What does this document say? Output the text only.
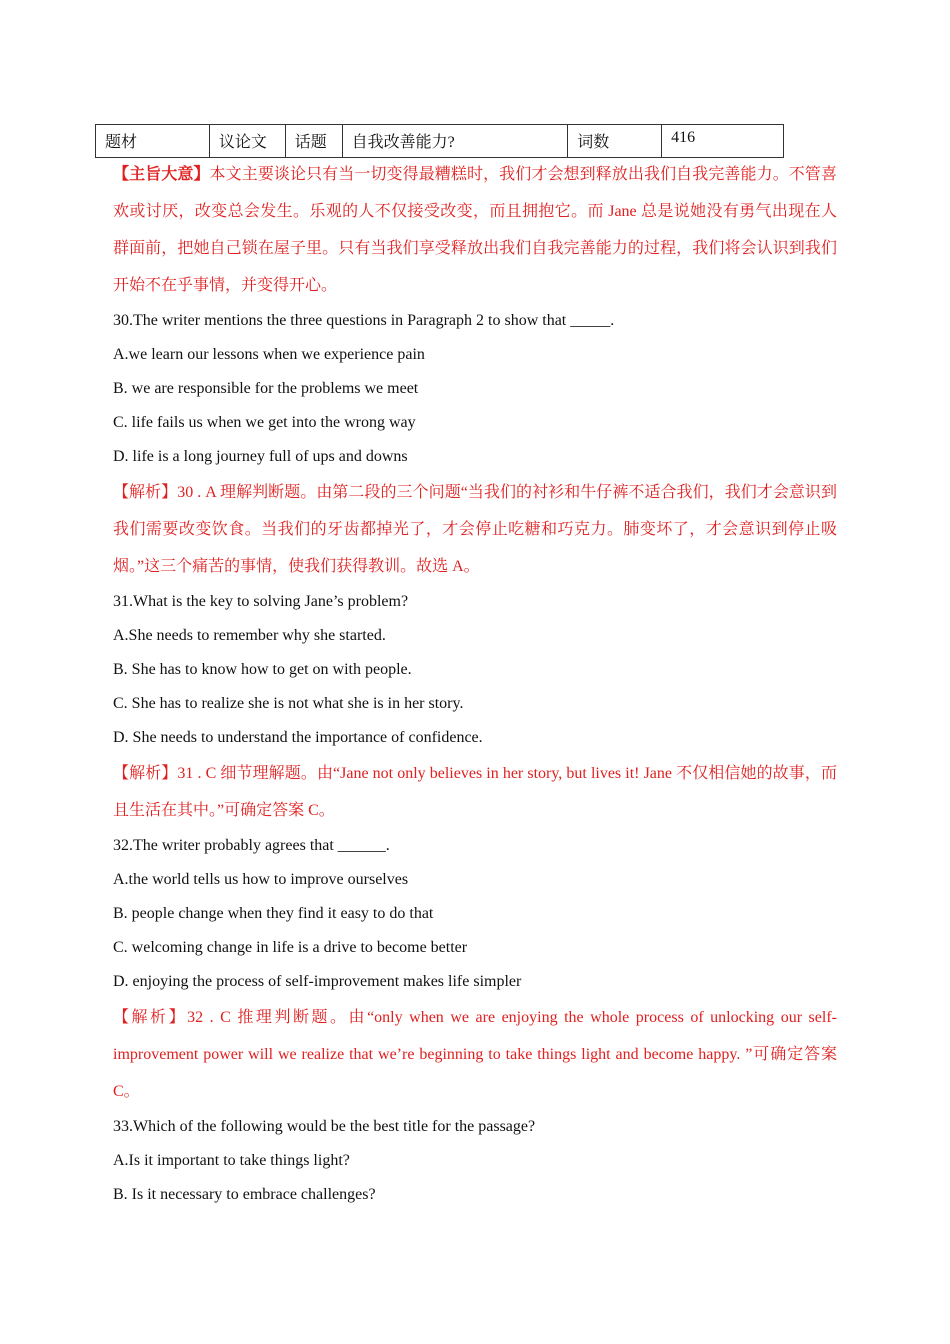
题材	议论文	话题	自我改善能力?	词数	416

【主旨大意】本文主要谈论只有当一切变得最糟糕时，我们才会想到释放出我们自我完善能力。不管喜欢或讨厌，改变总会发生。乐观的人不仅接受改变，而且拥抱它。而 Jane 总是说她没有勇气出现在人群面前，把她自己锁在屋子里。只有当我们享受释放出我们自我完善能力的过程，我们将会认识到我们开始不在乎事情，并变得开心。

30.The writer mentions the three questions in Paragraph 2 to show that _____.

A.we learn our lessons when we experience pain

B. we are responsible for the problems we meet

C. life fails us when we get into the wrong way

D. life is a long journey full of ups and downs

【解析】30 . A 理解判断题。由第二段的三个问题“当我们的衬衫和牛仔裤不适合我们，我们才会意识到我们需要改变饮食。当我们的牙齿都掉光了，才会停止吃糖和巧克力。肺变坏了，才会意识到停止吸烟。”这三个痛苦的事情，使我们获得教训。故选 A。

31.What is the key to solving Jane’s problem?

A.She needs to remember why she started.

B. She has to know how to get on with people.

C. She has to realize she is not what she is in her story.

D. She needs to understand the importance of confidence.

【解析】31 . C 细节理解题。由“Jane not only believes in her story, but lives it! Jane 不仅相信她的故事，而且生活在其中。”可确定答案 C。

32.The writer probably agrees that ______.

A.the world tells us how to improve ourselves

B. people change when they find it easy to do that

C. welcoming change in life is a drive to become better

D. enjoying the process of self-improvement makes life simpler

【解析】32 . C 推理判断题。由“only when we are enjoying the whole process of unlocking our self-improvement power will we realize that we’re beginning to take things light and become happy. ”可确定答案 C。

33.Which of the following would be the best title for the passage?

A.Is it important to take things light?

B. Is it necessary to embrace challenges?
